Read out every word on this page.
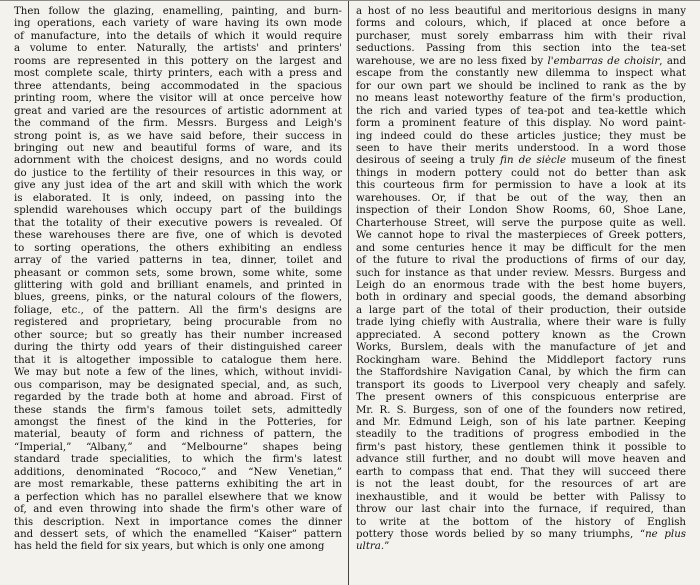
Then follow the glazing, enamelling, painting, and burn-
ing operations, each variety of ware having its own mode
of manufacture, into the details of which it would require
a volume to enter. Naturally, the artists' and printers'
rooms are represented in this pottery on the largest and
most complete scale, thirty printers, each with a press and
three attendants, being accommodated in the spacious
printing room, where the visitor will at once perceive how
great and varied are the resources of artistic adornment at
the command of the firm. Messrs. Burgess and Leigh's
strong point is, as we have said before, their success in
bringing out new and beautiful forms of ware, and its
adornment with the choicest designs, and no words could
do justice to the fertility of their resources in this way, or
give any just idea of the art and skill with which the work
is elaborated. It is only, indeed, on passing into the
splendid warehouses which occupy part of the buildings
that the totality of their executive powers is revealed. Of
these warehouses there are five, one of which is devoted
to sorting operations, the others exhibiting an endless
array of the varied patterns in tea, dinner, toilet and
pheasant or common sets, some brown, some white, some
glittering with gold and brilliant enamels, and printed in
blues, greens, pinks, or the natural colours of the flowers,
foliage, etc., of the pattern. All the firm's designs are
registered and proprietary, being procurable from no
other source; but so greatly has their number increased
during the thirty odd years of their distinguished career
that it is altogether impossible to catalogue them here.
We may but note a few of the lines, which, without invidi-
ous comparison, may be designated special, and, as such,
regarded by the trade both at home and abroad. First of
these stands the firm's famous toilet sets, admittedly
amongst the finest of the kind in the Potteries, for
material, beauty of form and richness of pattern, the
“Imperial,” “Albany,” and “Melbourne” shapes being
standard trade specialities, to which the firm's latest
additions, denominated “Rococo,” and “New Venetian,”
are most remarkable, these patterns exhibiting the art in
a perfection which has no parallel elsewhere that we know
of, and even throwing into shade the firm's other ware of
this description. Next in importance comes the dinner
and dessert sets, of which the enamelled “Kaiser” pattern
has held the field for six years, but which is only one among
a host of no less beautiful and meritorious designs in many
forms and colours, which, if placed at once before a
purchaser, must sorely embarrass him with their rival
seductions. Passing from this section into the tea-set
warehouse, we are no less fixed by l'embarras de choisir, and
escape from the constantly new dilemma to inspect what
for our own part we should be inclined to rank as the by
no means least noteworthy feature of the firm's production,
the rich and varied types of tea-pot and tea-kettle which
form a prominent feature of this display. No word paint-
ing indeed could do these articles justice; they must be
seen to have their merits understood. In a word those
desirous of seeing a truly fin de siècle museum of the finest
things in modern pottery could not do better than ask
this courteous firm for permission to have a look at its
warehouses. Or, if that be out of the way, then an
inspection of their London Show Rooms, 60, Shoe Lane,
Charterhouse Street, will serve the purpose quite as well.
We cannot hope to rival the masterpieces of Greek potters,
and some centuries hence it may be difficult for the men
of the future to rival the productions of firms of our day,
such for instance as that under review. Messrs. Burgess and
Leigh do an enormous trade with the best home buyers,
both in ordinary and special goods, the demand absorbing
a large part of the total of their production, their outside
trade lying chiefly with Australia, where their ware is fully
appreciated. A second pottery known as the Crown
Works, Burslem, deals with the manufacture of jet and
Rockingham ware. Behind the Middleport factory runs
the Staffordshire Navigation Canal, by which the firm can
transport its goods to Liverpool very cheaply and safely.
The present owners of this conspicuous enterprise are
Mr. R. S. Burgess, son of one of the founders now retired,
and Mr. Edmund Leigh, son of his late partner. Keeping
steadily to the traditions of progress embodied in the
firm's past history, these gentlemen think it possible to
advance still further, and no doubt will move heaven and
earth to compass that end. That they will succeed there
is not the least doubt, for the resources of art are
inexhaustible, and it would be better with Palissy to
throw our last chair into the furnace, if required, than
to write at the bottom of the history of English
pottery those words belied by so many triumphs, “ne plus
ultra.”
